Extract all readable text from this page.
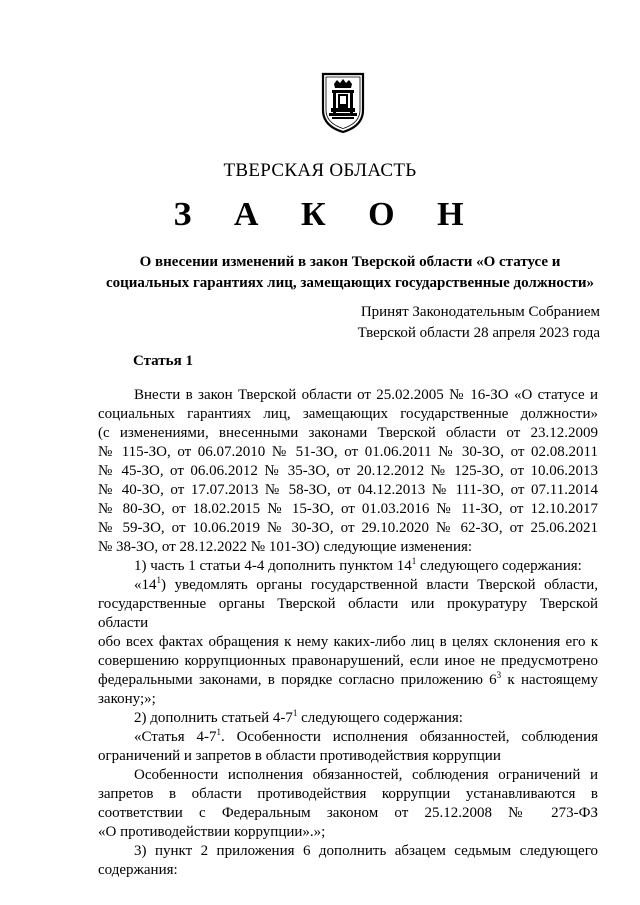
ТВЕРСКАЯ ОБЛАСТЬ
З А К О Н
О внесении изменений в закон Тверской области «О статусе и
социальных гарантиях лиц, замещающих государственные должности»
Принят Законодательным Собранием
Тверской области 28 апреля 2023 года
Статья 1

Внести в закон Тверской области от 25.02.2005 № 16-ЗО «О статусе и

социальных гарантиях лиц, замещающих государственные должности»

(с изменениями, внесенными законами Тверской области от 23.12.2009

№ 115-ЗО, от 06.07.2010 № 51-ЗО, от 01.06.2011 № 30-ЗО, от 02.08.2011

№ 45-ЗО, от 06.06.2012 № 35-ЗО, от 20.12.2012 № 125-ЗО, от 10.06.2013

№ 40-ЗО, от 17.07.2013 № 58-ЗО, от 04.12.2013 № 111-ЗО, от 07.11.2014

№ 80-ЗО, от 18.02.2015 № 15-ЗО, от 01.03.2016 № 11-ЗО, от 12.10.2017

№ 59-ЗО, от 10.06.2019 № 30-ЗО, от 29.10.2020 № 62-ЗО, от 25.06.2021

№ 38-ЗО, от 28.12.2022 № 101-ЗО) следующие изменения:

1) часть 1 статьи 4-4 дополнить пунктом $14^1$ следующего содержания:

«$14^1$) уведомлять органы государственной власти Тверской области,

государственные органы Тверской области или прокуратуру Тверской области

обо всех фактах обращения к нему каких-либо лиц в целях склонения его к

совершению коррупционных правонарушений, если иное не предусмотрено

федеральными законами, в порядке согласно приложению $6^3$ к настоящему

закону;»;

2) дополнить статьей $4-7^1$ следующего содержания:

«Статья $4-7^1$. Особенности исполнения обязанностей, соблюдения

ограничений и запретов в области противодействия коррупции

Особенности исполнения обязанностей, соблюдения ограничений и

запретов в области противодействия коррупции устанавливаются в

соответствии с Федеральным законом от 25.12.2008 № 273-ФЗ

«О противодействии коррупции».»;

3) пункт 2 приложения 6 дополнить абзацем седьмым следующего

содержания:
